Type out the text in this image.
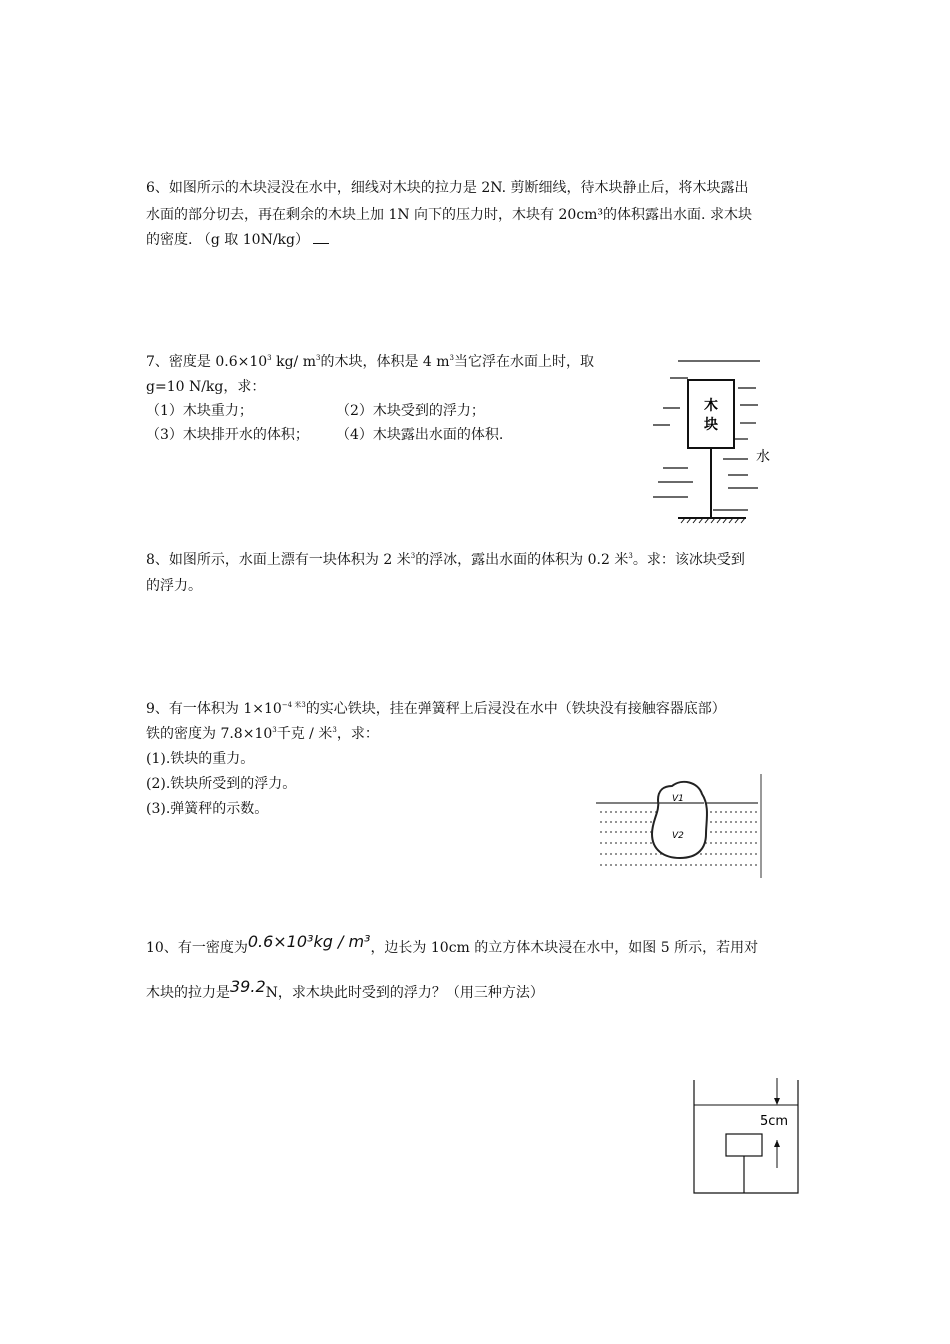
6、如图所示的木块浸没在水中，细线对木块的拉力是 2N. 剪断细线，待木块静止后，将木块露出
水面的部分切去，再在剩余的木块上加 1N 向下的压力时，木块有 20cm³的体积露出水面. 求木块
的密度. （g 取 10N/kg）
7、密度是 $0.6\times 10^3$ kg/ $m^3$的木块，体积是 4 $m^3$当它浮在水面上时，取
g=10 N/kg，求：
（1）木块重力；	（2）木块受到的浮力；
（3）木块排开水的体积； （4）木块露出水面的体积.
木
块
水
8、如图所示，水面上漂有一块体积为 2 米$^3$的浮冰，露出水面的体积为 0.2 米$^3$。求：该冰块受到
的浮力。
9、有一体积为 $1\times 10^{-4 米3}$的实心铁块，挂在弹簧秤上后浸没在水中（铁块没有接触容器底部）
铁的密度为 $7.8\times 10^3$千克 / 米$^3$，求：
(1).铁块的重力。
(2).铁块所受到的浮力。
(3).弹簧秤的示数。
V1
V2
10、有一密度为0.6×10³kg / m³，边长为 10cm 的立方体木块浸在水中，如图 5 所示，若用对
木块的拉力是39.2N，求木块此时受到的浮力？（用三种方法）
5cm
